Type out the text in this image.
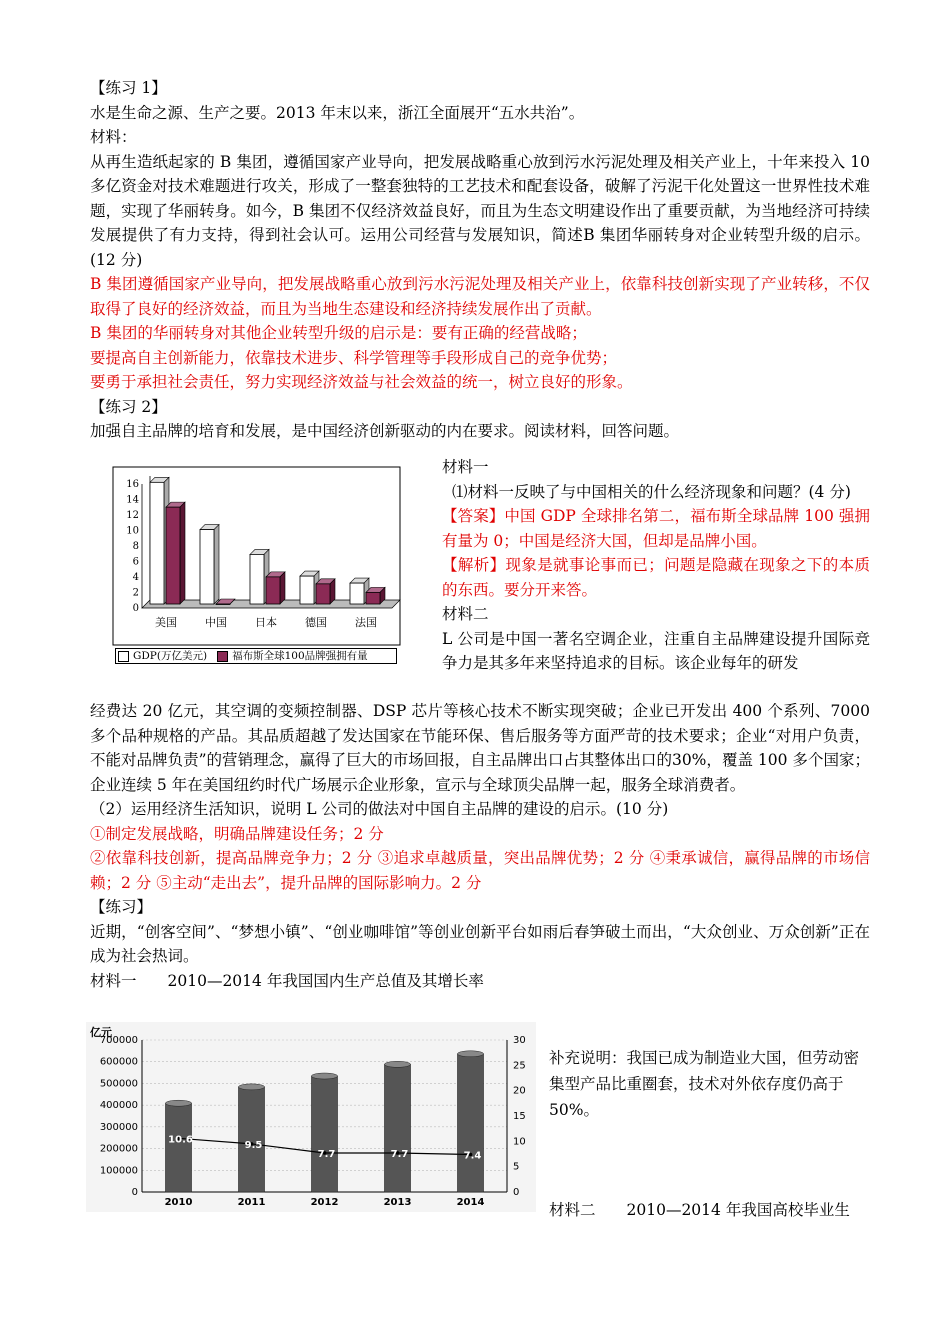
【练习 1】

水是生命之源、生产之要。2013 年末以来，浙江全面展开“五水共治”。

材料：

从再生造纸起家的 B 集团，遵循国家产业导向，把发展战略重心放到污水污泥处理及相关产业上，十年来投入 10 多亿资金对技术难题进行攻关，形成了一整套独特的工艺技术和配套设备，破解了污泥干化处置这一世界性技术难题，实现了华丽转身。如今，B 集团不仅经济效益良好，而且为生态文明建设作出了重要贡献，为当地经济可持续发展提供了有力支持，得到社会认可。运用公司经营与发展知识，简述B 集团华丽转身对企业转型升级的启示。(12 分)

B 集团遵循国家产业导向，把发展战略重心放到污水污泥处理及相关产业上，依靠科技创新实现了产业转移，不仅取得了良好的经济效益，而且为当地生态建设和经济持续发展作出了贡献。

B 集团的华丽转身对其他企业转型升级的启示是：要有正确的经营战略；

要提高自主创新能力，依靠技术进步、科学管理等手段形成自己的竞争优势；

要勇于承担社会责任，努力实现经济效益与社会效益的统一，树立良好的形象。

【练习 2】

加强自主品牌的培育和发展，是中国经济创新驱动的内在要求。阅读材料，回答问题。

0
2
4
6
8
10
12
14
16
美国	中国	日本	德国	法国
GDP(万亿美元) 福布斯全球100品牌强拥有量

材料一

⑴材料一反映了与中国相关的什么经济现象和问题？(4 分)

【答案】中国 GDP 全球排名第二，福布斯全球品牌 100 强拥有量为 0；中国是经济大国，但却是品牌小国。

【解析】现象是就事论事而已；问题是隐藏在现象之下的本质的东西。要分开来答。

材料二

L 公司是中国一著名空调企业，注重自主品牌建设提升国际竞争力是其多年来坚持追求的目标。该企业每年的研发

经费达 20 亿元，其空调的变频控制器、DSP 芯片等核心技术不断实现突破；企业已开发出 400 个系列、7000 多个品种规格的产品。其品质超越了发达国家在节能环保、售后服务等方面严苛的技术要求；企业“对用户负责，不能对品牌负责”的营销理念，赢得了巨大的市场回报，自主品牌出口占其整体出口的30%，覆盖 100 多个国家；企业连续 5 年在美国纽约时代广场展示企业形象，宣示与全球顶尖品牌一起，服务全球消费者。

（2）运用经济生活知识，说明 L 公司的做法对中国自主品牌的建设的启示。(10 分)

①制定发展战略，明确品牌建设任务；2 分

②依靠科技创新，提高品牌竞争力；2 分 ③追求卓越质量，突出品牌优势；2 分 ④秉承诚信，赢得品牌的市场信赖；2 分 ⑤主动“走出去”，提升品牌的国际影响力。2 分

【练习】

近期，“创客空间”、“梦想小镇”、“创业咖啡馆”等创业创新平台如雨后春笋破土而出，“大众创业、万众创新”正在成为社会热词。

材料一　　2010—2014 年我国国内生产总值及其增长率

亿元
0
100000
200000
300000
400000
500000
600000
700000
0
5
10
15
20
25
30
2010	2011	2012	2013	2014
10.6
9.5
7.7	7.7	7.4
补充说明：我国已成为制造业大国，但劳动密集型产品比重圈套，技术对外依存度仍高于 50%。
材料二　　2010—2014 年我国高校毕业生
